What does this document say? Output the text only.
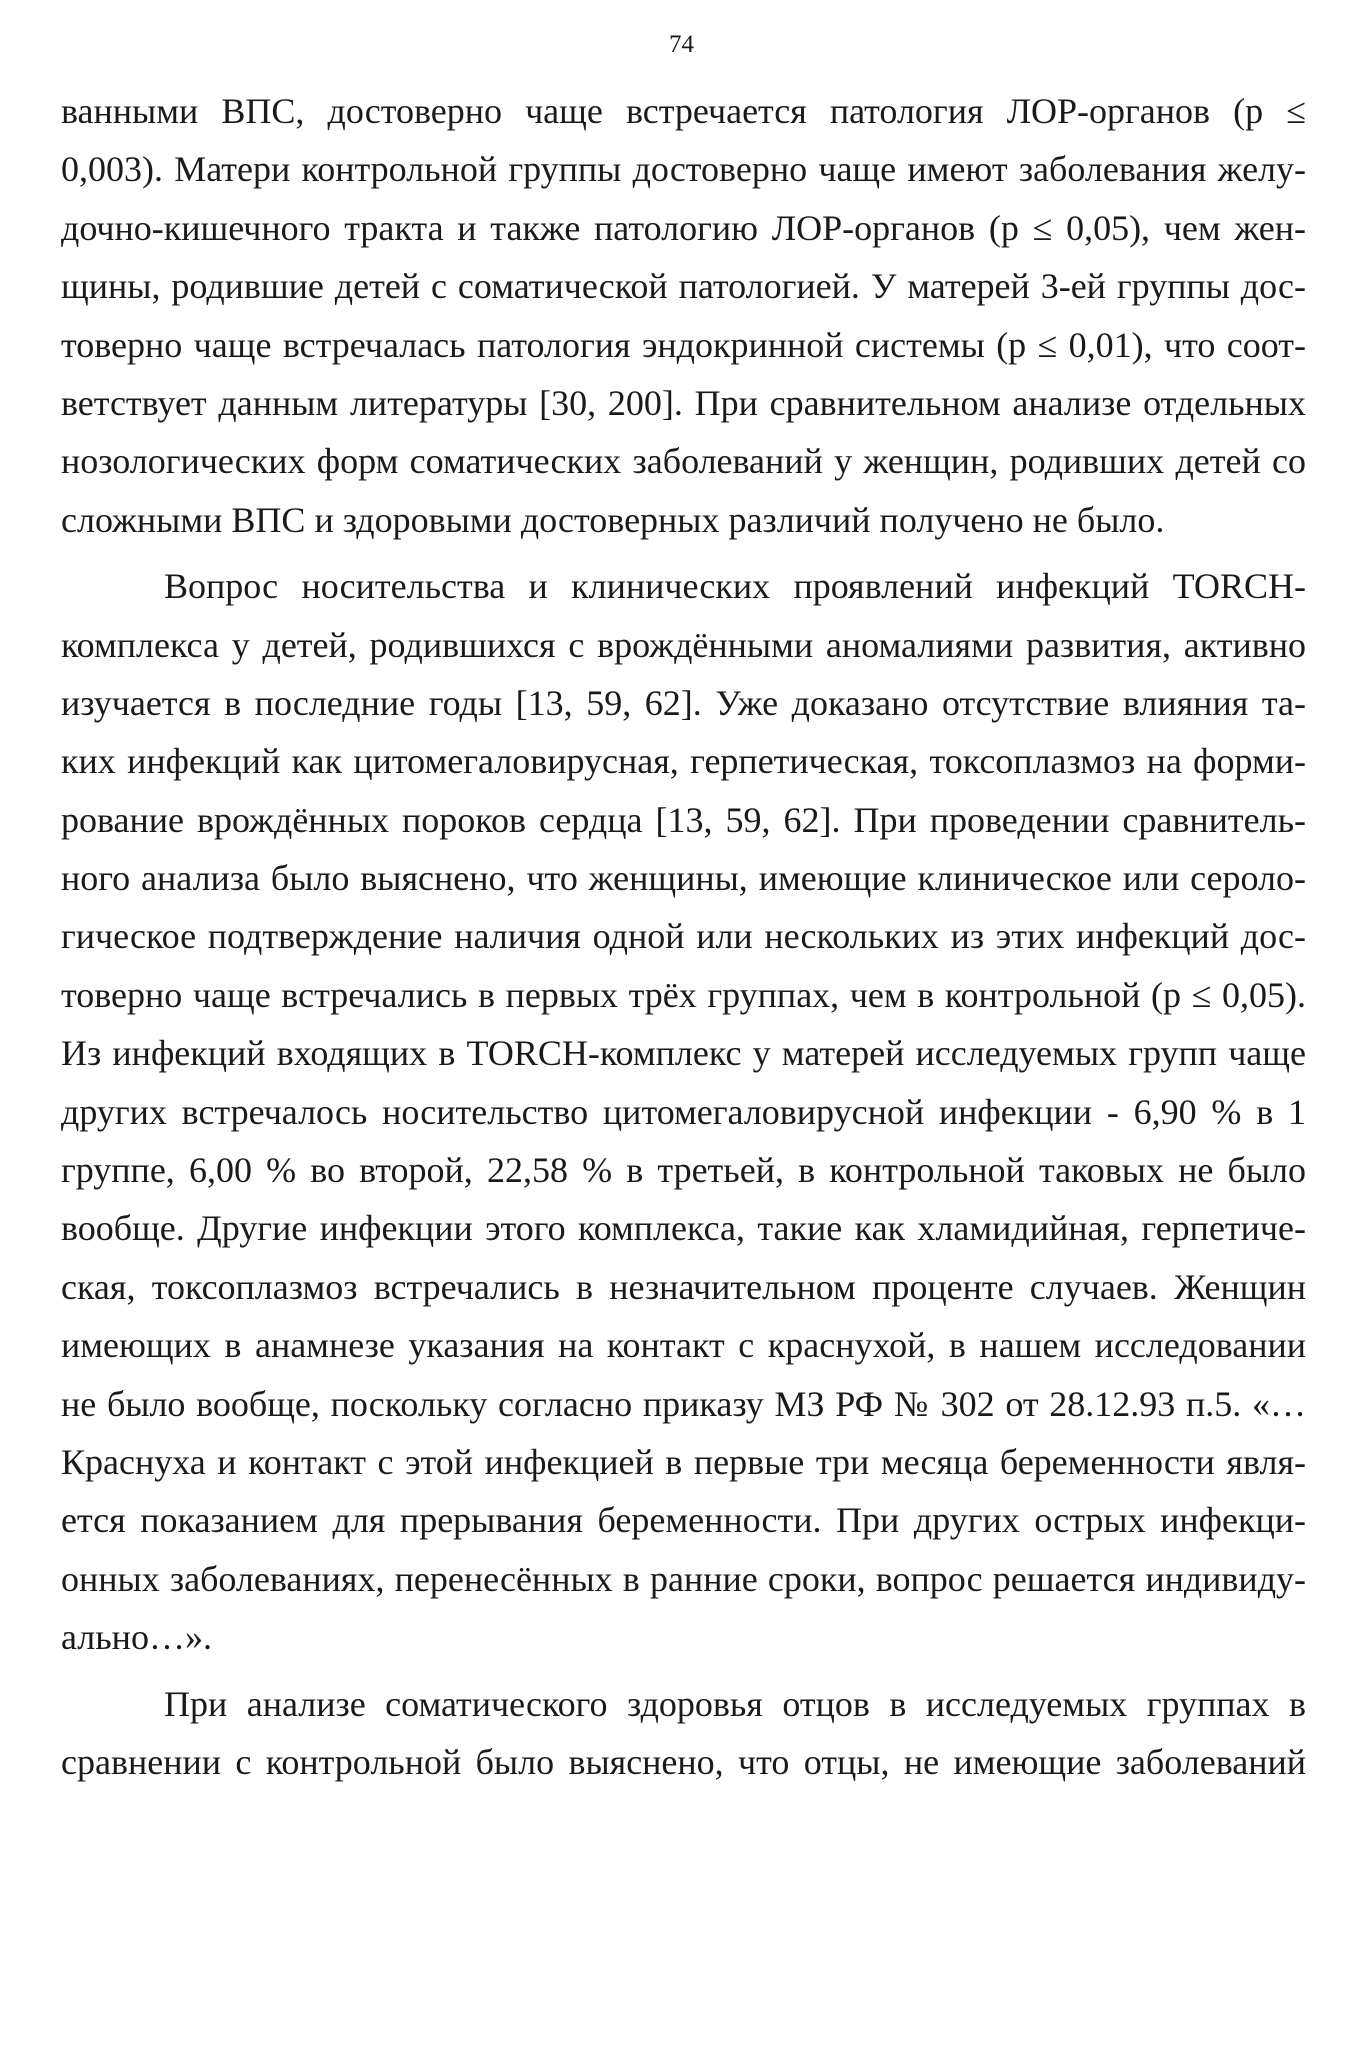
74
ванными ВПС, достоверно чаще встречается патология ЛОР-органов (р ≤
0,003). Матери контрольной группы достоверно чаще имеют заболевания желу-
дочно-кишечного тракта и также патологию ЛОР-органов (р ≤ 0,05), чем жен-
щины, родившие детей с соматической патологией. У матерей 3-ей группы дос-
товерно чаще встречалась патология эндокринной системы (р ≤ 0,01), что соот-
ветствует данным литературы [30, 200]. При сравнительном анализе отдельных
нозологических форм соматических заболеваний у женщин, родивших детей со
сложными ВПС и здоровыми достоверных различий получено не было.
Вопрос носительства и клинических проявлений инфекций TORCH-
комплекса у детей, родившихся с врождёнными аномалиями развития, активно
изучается в последние годы [13, 59, 62]. Уже доказано отсутствие влияния та-
ких инфекций как цитомегаловирусная, герпетическая, токсоплазмоз на форми-
рование врождённых пороков сердца [13, 59, 62]. При проведении сравнитель-
ного анализа было выяснено, что женщины, имеющие клиническое или сероло-
гическое подтверждение наличия одной или нескольких из этих инфекций дос-
товерно чаще встречались в первых трёх группах, чем в контрольной (р ≤ 0,05).
Из инфекций входящих в TORCH-комплекс у матерей исследуемых групп чаще
других встречалось носительство цитомегаловирусной инфекции - 6,90 % в 1
группе, 6,00 % во второй, 22,58 % в третьей, в контрольной таковых не было
вообще. Другие инфекции этого комплекса, такие как хламидийная, герпетиче-
ская, токсоплазмоз встречались в незначительном проценте случаев. Женщин
имеющих в анамнезе указания на контакт с краснухой, в нашем исследовании
не было вообще, поскольку согласно приказу МЗ РФ № 302 от 28.12.93 п.5. «…
Краснуха и контакт с этой инфекцией в первые три месяца беременности явля-
ется показанием для прерывания беременности. При других острых инфекци-
онных заболеваниях, перенесённых в ранние сроки, вопрос решается индивиду-
ально…».
При анализе соматического здоровья отцов в исследуемых группах в
сравнении с контрольной было выяснено, что отцы, не имеющие заболеваний
